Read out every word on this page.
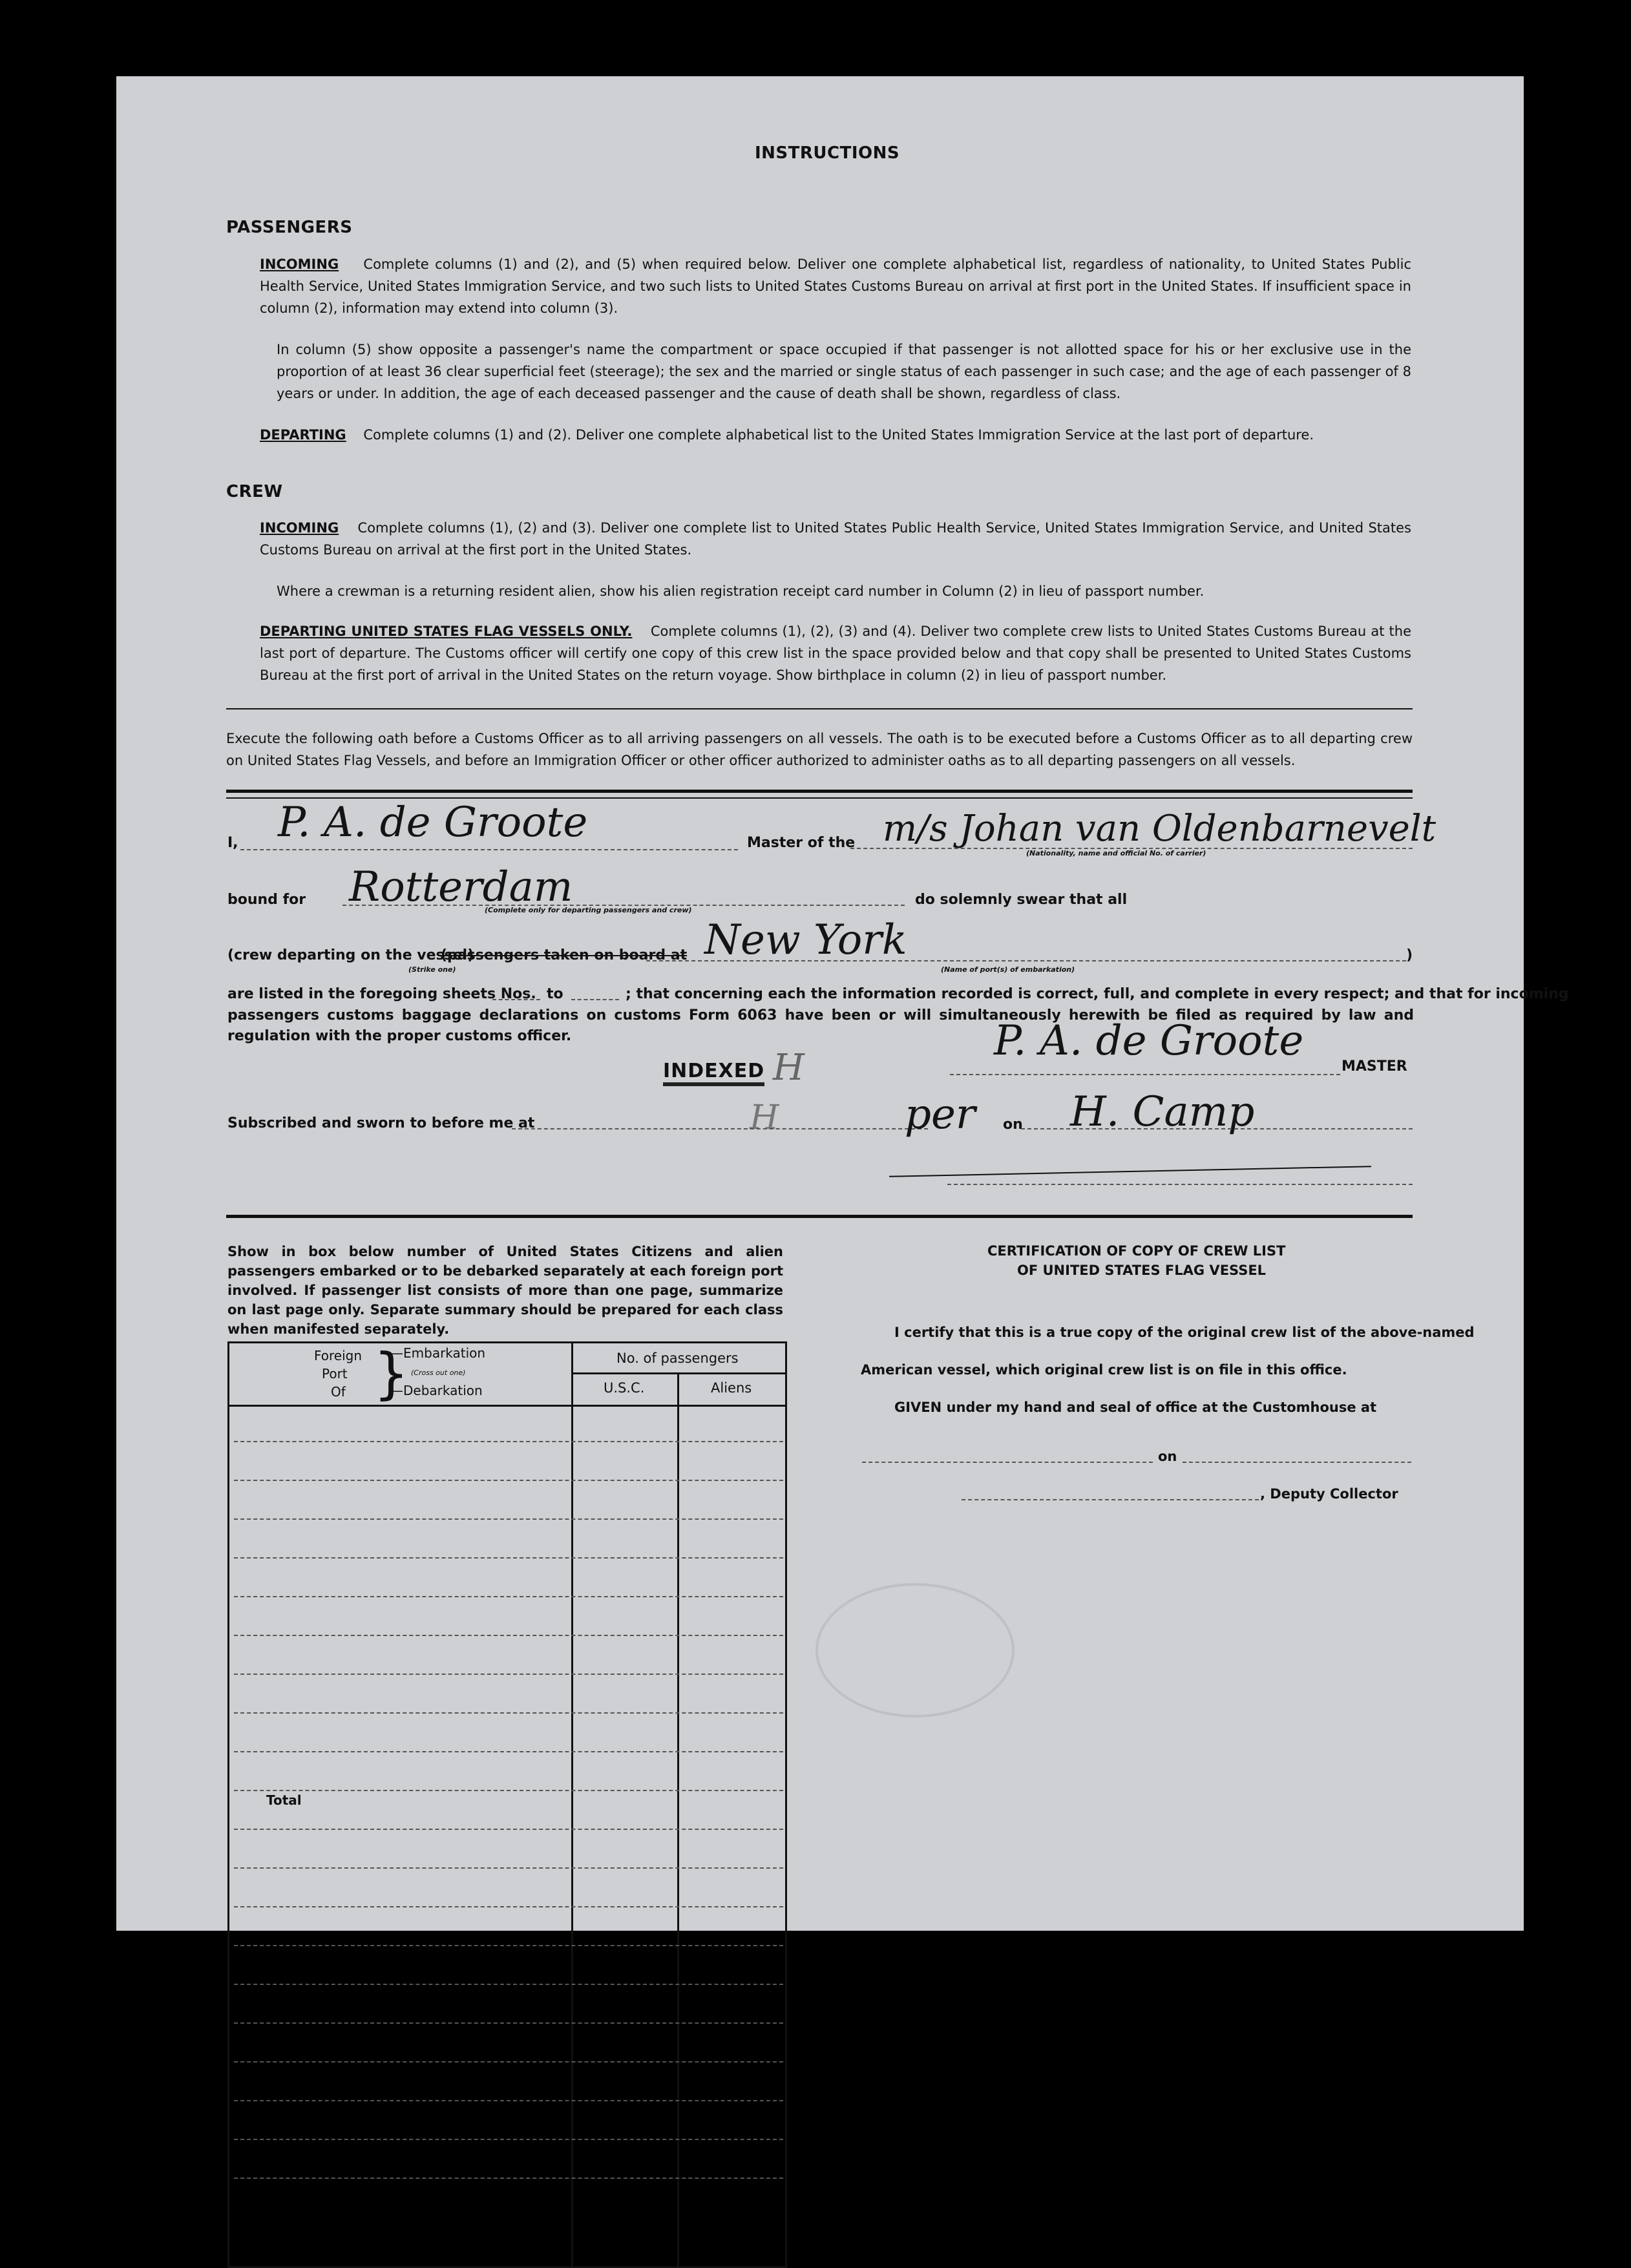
INSTRUCTIONS
PASSENGERS
INCOMING Complete columns (1) and (2), and (5) when required below. Deliver one complete alphabetical list, regardless of nationality, to United States Public Health Service, United States Immigration Service, and two such lists to United States Customs Bureau on arrival at first port in the United States. If insufficient space in column (2), information may extend into column (3).
In column (5) show opposite a passenger's name the compartment or space occupied if that passenger is not allotted space for his or her exclusive use in the proportion of at least 36 clear superficial feet (steerage); the sex and the married or single status of each passenger in such case; and the age of each passenger of 8 years or under. In addition, the age of each deceased passenger and the cause of death shall be shown, regardless of class.
DEPARTING Complete columns (1) and (2). Deliver one complete alphabetical list to the United States Immigration Service at the last port of departure.
CREW
INCOMING Complete columns (1), (2) and (3). Deliver one complete list to United States Public Health Service, United States Immigration Service, and United States Customs Bureau on arrival at the first port in the United States.
Where a crewman is a returning resident alien, show his alien registration receipt card number in Column (2) in lieu of passport number.
DEPARTING UNITED STATES FLAG VESSELS ONLY. Complete columns (1), (2), (3) and (4). Deliver two complete crew lists to United States Customs Bureau at the last port of departure. The Customs officer will certify one copy of this crew list in the space provided below and that copy shall be presented to United States Customs Bureau at the first port of arrival in the United States on the return voyage. Show birthplace in column (2) in lieu of passport number.
Execute the following oath before a Customs Officer as to all arriving passengers on all vessels. The oath is to be executed before a Customs Officer as to all departing crew on United States Flag Vessels, and before an Immigration Officer or other officer authorized to administer oaths as to all departing passengers on all vessels.
I, P. A. de Groote	Master of the m/s Johan van Oldenbarnevelt
(Nationality, name and official No. of carrier)
bound for Rotterdam
(Complete only for departing passengers and crew)
do solemnly swear that all
(crew departing on the vessel)
(passengers taken on board at
(Strike one)
New York
(Name of port(s) of embarkation)
)
are listed in the foregoing sheets Nos. to	; that concerning each the information recorded is correct, full, and complete in every respect; and that for incoming
passengers customs baggage declarations on customs Form 6063 have been or will simultaneously herewith be filed as required by law and regulation with the proper customs officer.
INDEXED H
H
P. A. de Groote
MASTER
Subscribed and sworn to before me at	per on H. Camp
Show in box below number of United States Citizens and alien passengers embarked or to be debarked separately at each foreign port involved. If passenger list consists of more than one page, summarize on last page only. Separate summary should be prepared for each class when manifested separately.
Foreign
Port
Of }
—Embarkation
(Cross out one)
—Debarkation
No. of passengers
U.S.C.	Aliens
Total
CERTIFICATION OF COPY OF CREW LIST
OF UNITED STATES FLAG VESSEL
I certify that this is a true copy of the original crew list of the above-named
American vessel, which original crew list is on file in this office.
GIVEN under my hand and seal of office at the Customhouse at
on
, Deputy Collector
